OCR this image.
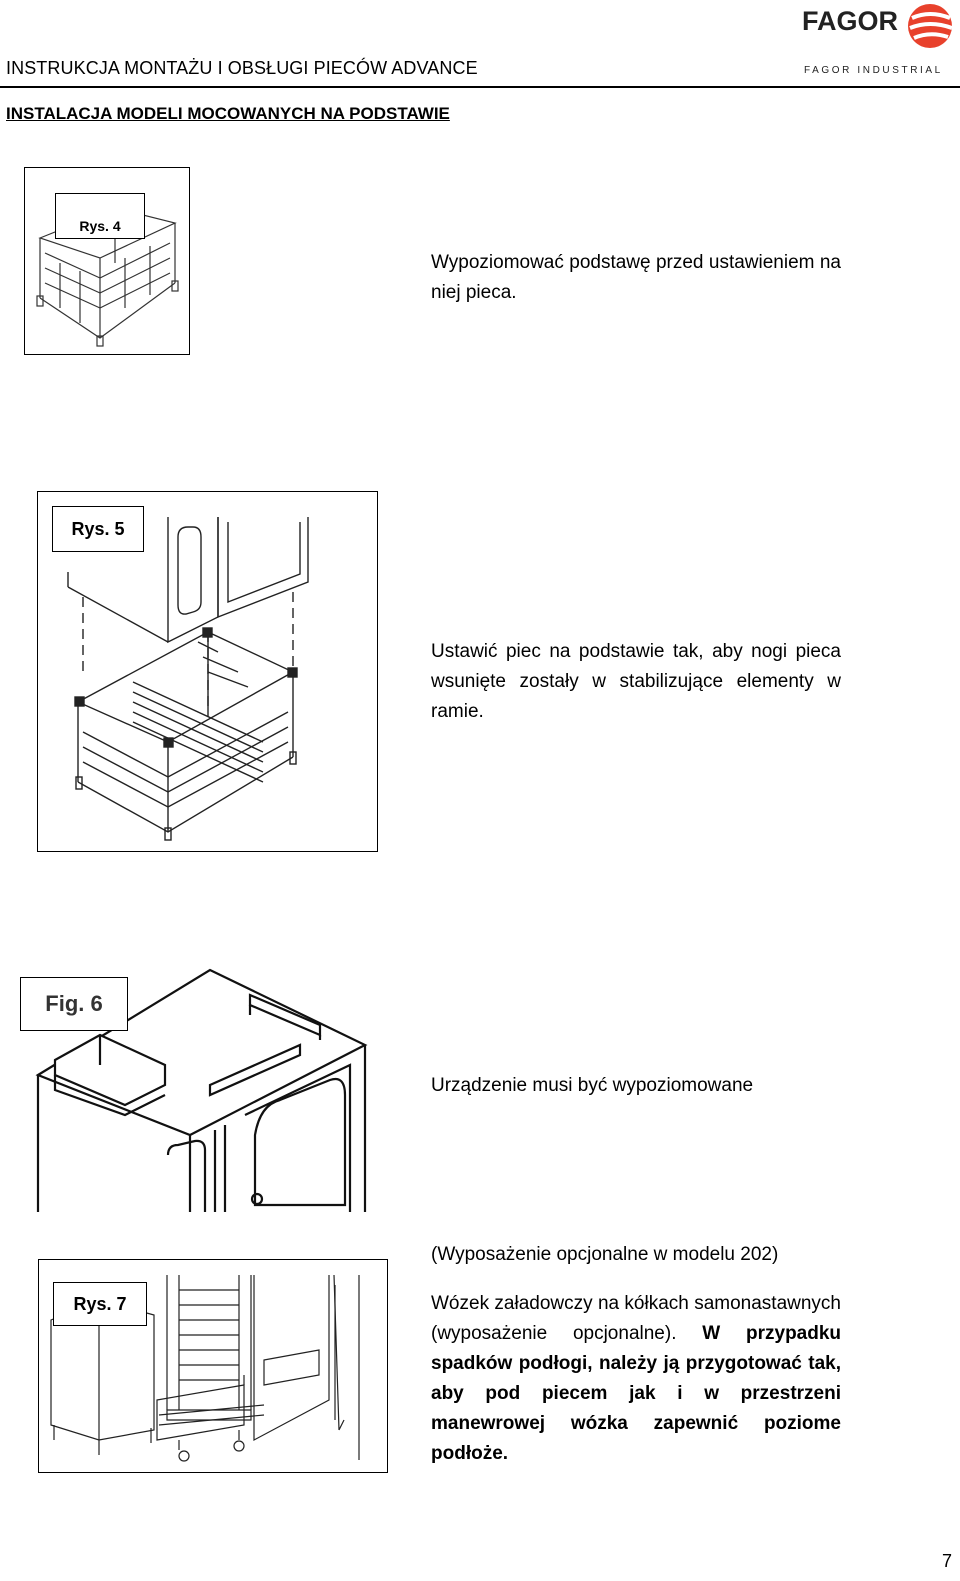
INSTRUKCJA MONTAŻU I OBSŁUGI PIECÓW ADVANCE
FAGOR
FAGOR INDUSTRIAL
INSTALACJA MODELI MOCOWANYCH NA PODSTAWIE
Rys. 4
Wypoziomować podstawę przed ustawieniem na niej pieca.
Rys. 5
Ustawić piec na podstawie tak, aby nogi pieca wsunięte zostały w stabilizujące elementy w ramie.
Fig. 6
Urządzenie musi być wypoziomowane
(Wyposażenie opcjonalne w modelu 202)
Rys. 7	Wózek załadowczy na kółkach samonastawnych (wyposażenie opcjonalne). W przypadku spadków podłogi, należy ją przygotować tak, aby pod piecem jak i w przestrzeni manewrowej wózka zapewnić poziome podłoże.
7
